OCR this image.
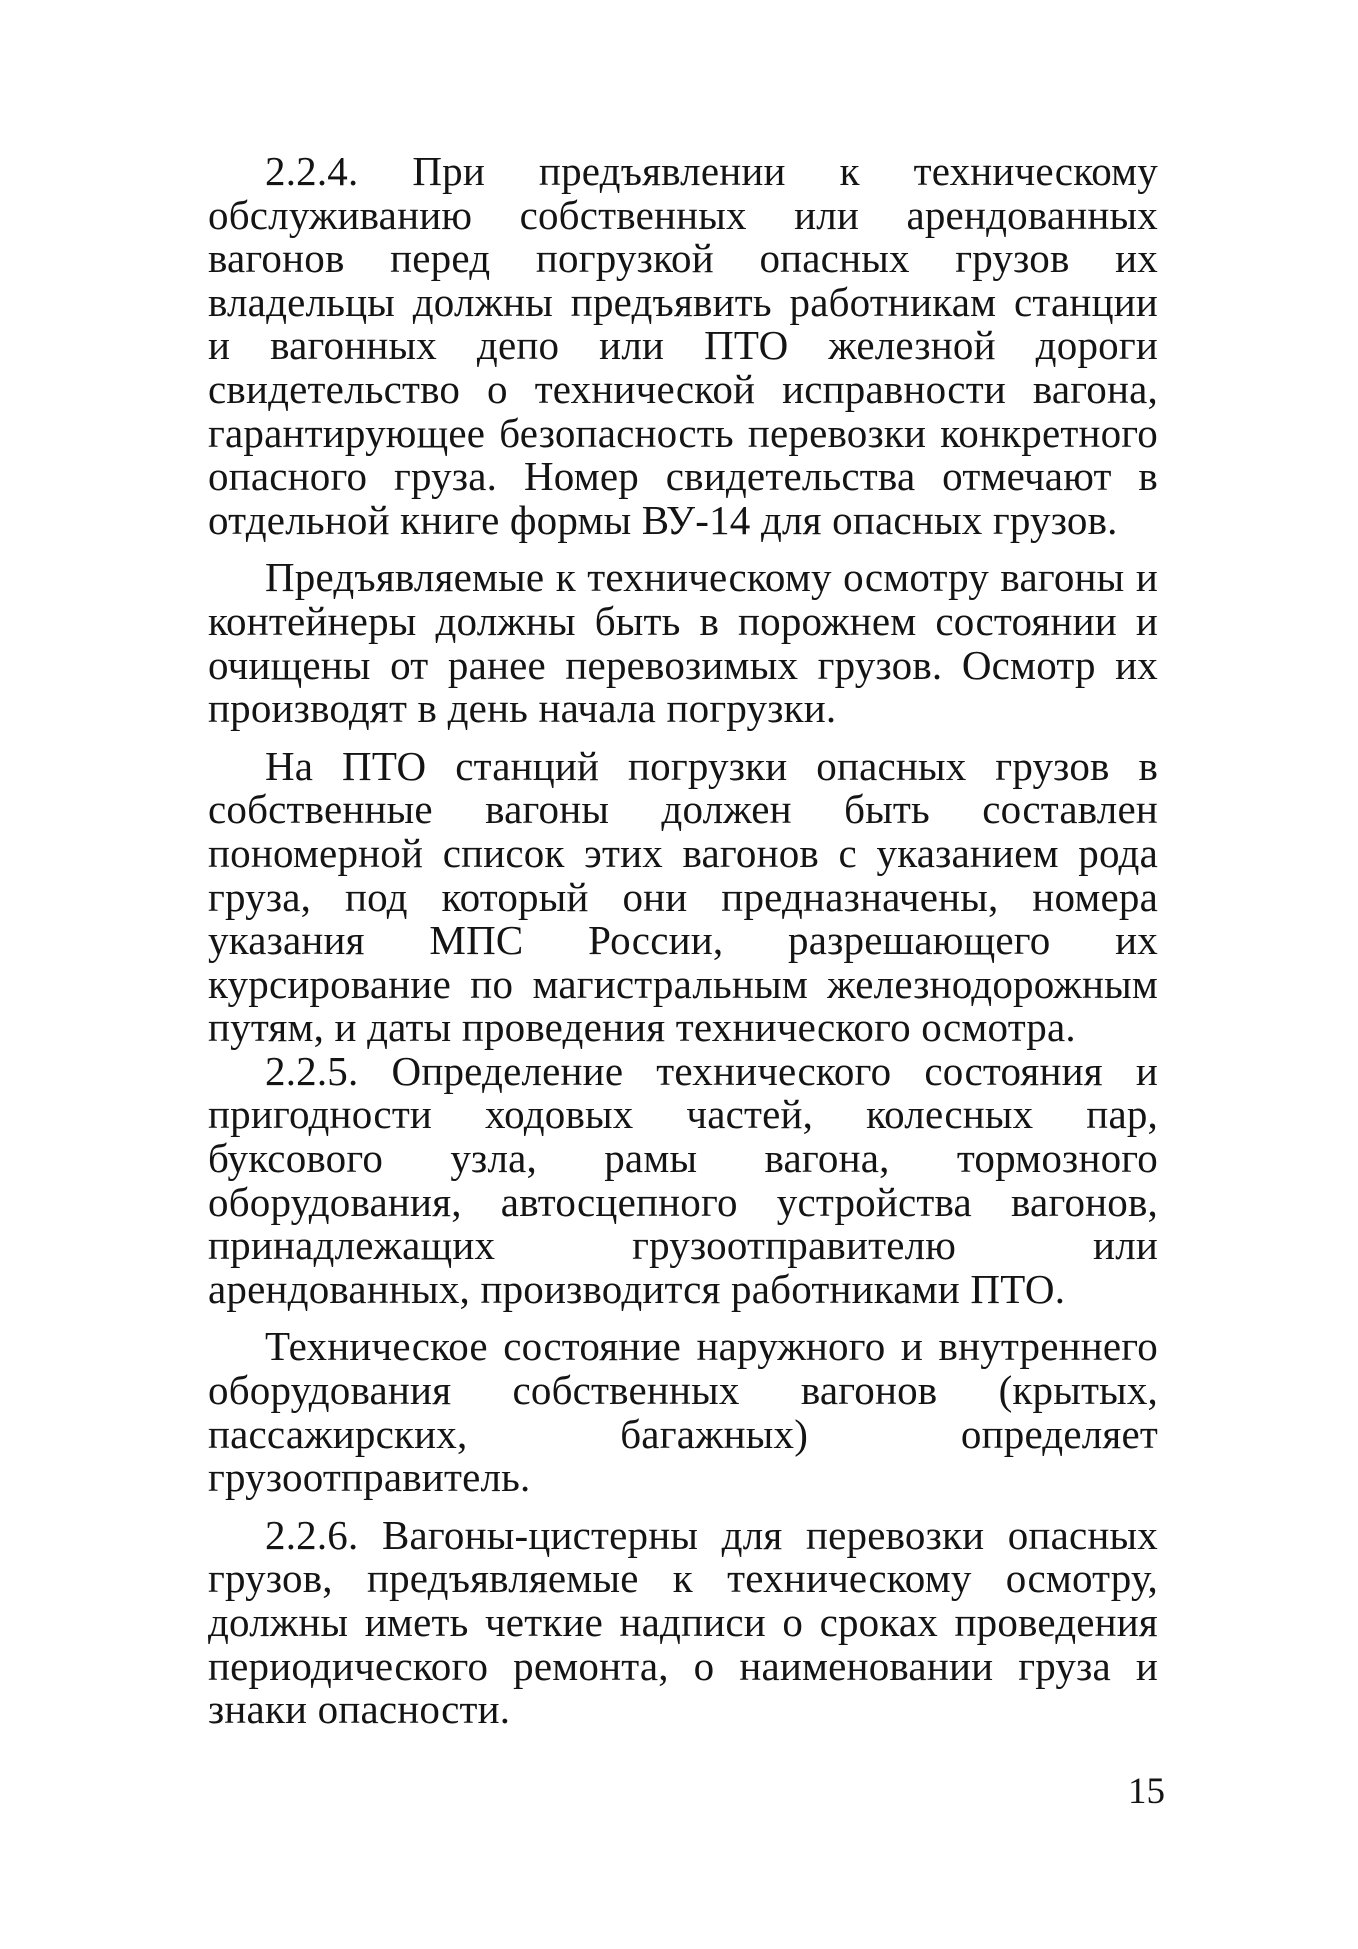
2.2.4. При предъявлении к техническому обслуживанию собственных или арендованных вагонов перед погрузкой опасных грузов их владельцы должны предъявить работникам станции и вагонных депо или ПТО железной дороги свидетельство о технической исправности вагона, гарантирующее безопасность перевозки конкретного опасного груза. Номер свидетельства отмечают в отдельной книге формы ВУ-14 для опасных грузов.

Предъявляемые к техническому осмотру вагоны и контейнеры должны быть в порожнем состоянии и очищены от ранее перевозимых грузов. Осмотр их производят в день начала погрузки.

На ПТО станций погрузки опасных грузов в собственные вагоны должен быть составлен пономерной список этих вагонов с указанием рода груза, под который они предназначены, номера указания МПС России, разрешающего их курсирование по магистральным железнодорожным путям, и даты проведения технического осмотра.

2.2.5. Определение технического состояния и пригодности ходовых частей, колесных пар, буксового узла, рамы вагона, тормозного оборудования, автосцепного устройства вагонов, принадлежащих грузоотправителю или арендованных, производится работниками ПТО.

Техническое состояние наружного и внутреннего оборудования собственных вагонов (крытых, пассажирских, багажных) определяет грузоотправитель.

2.2.6. Вагоны-цистерны для перевозки опасных грузов, предъявляемые к техническому осмотру, должны иметь четкие надписи о сроках проведения периодического ремонта, о наименовании груза и знаки опасности.

15
